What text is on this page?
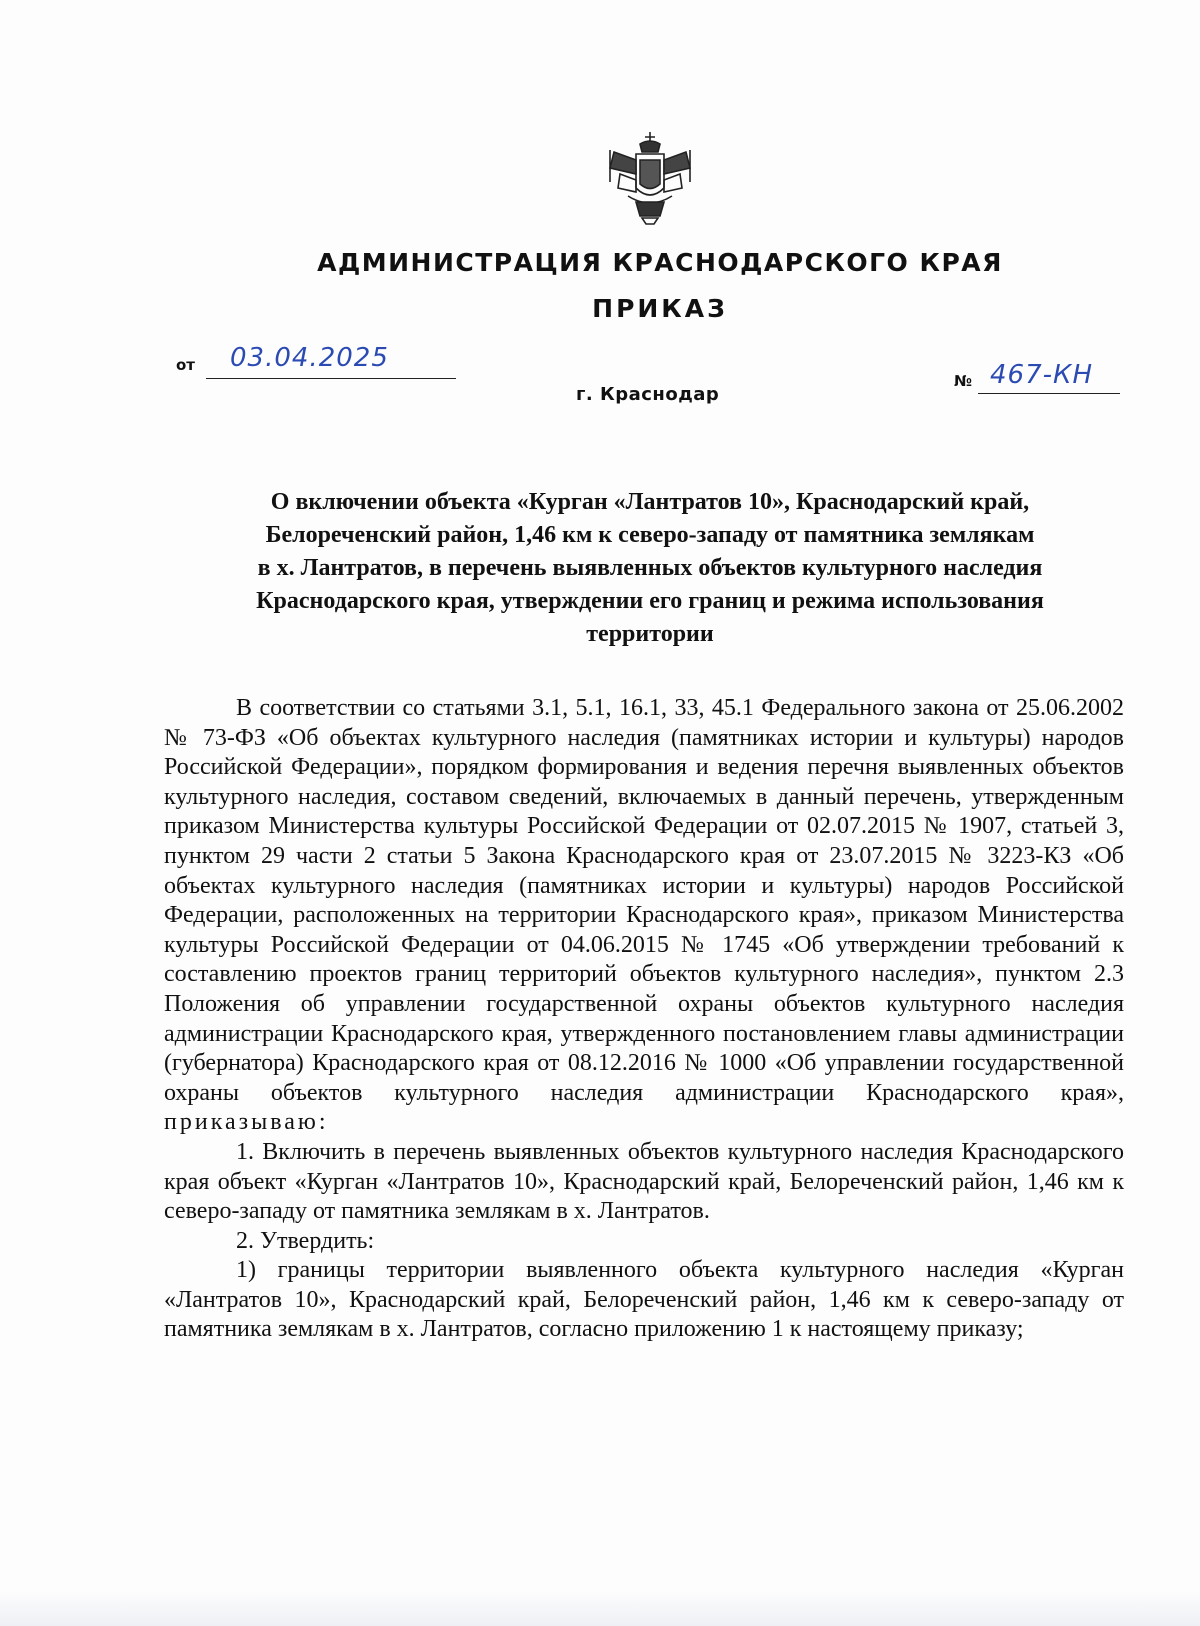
АДМИНИСТРАЦИЯ КРАСНОДАРСКОГО КРАЯ
ПРИКАЗ
от 03.04.2025
г. Краснодар
№ 467-КН
О включении объекта «Курган «Лантратов 10», Краснодарский край,
Белореченский район, 1,46 км к северо-западу от памятника землякам
в х. Лантратов, в перечень выявленных объектов культурного наследия
Краснодарского края, утверждении его границ и режима использования
территории

В соответствии со статьями 3.1, 5.1, 16.1, 33, 45.1 Федерального закона от 25.06.2002 № 73-ФЗ «Об объектах культурного наследия (памятниках истории и культуры) народов Российской Федерации», порядком формирования и ведения перечня выявленных объектов культурного наследия, составом сведений, включаемых в данный перечень, утвержденным приказом Министерства культуры Российской Федерации от 02.07.2015 № 1907, статьей 3, пунктом 29 части 2 статьи 5 Закона Краснодарского края от 23.07.2015 № 3223-КЗ «Об объектах культурного наследия (памятниках истории и культуры) народов Российской Федерации, расположенных на территории Краснодарского края», приказом Министерства культуры Российской Федерации от 04.06.2015 № 1745 «Об утверждении требований к составлению проектов границ территорий объектов культурного наследия», пунктом 2.3 Положения об управлении государственной охраны объектов культурного наследия администрации Краснодарского края, утвержденного постановлением главы администрации (губернатора) Краснодарского края от 08.12.2016 № 1000 «Об управлении государственной охраны объектов культурного наследия администрации Краснодарского края», приказываю:

1. Включить в перечень выявленных объектов культурного наследия Краснодарского края объект «Курган «Лантратов 10», Краснодарский край, Белореченский район, 1,46 км к северо-западу от памятника землякам в х. Лантратов.

2. Утвердить:

1) границы территории выявленного объекта культурного наследия «Курган «Лантратов 10», Краснодарский край, Белореченский район, 1,46 км к северо-западу от памятника землякам в х. Лантратов, согласно приложению 1 к настоящему приказу;
